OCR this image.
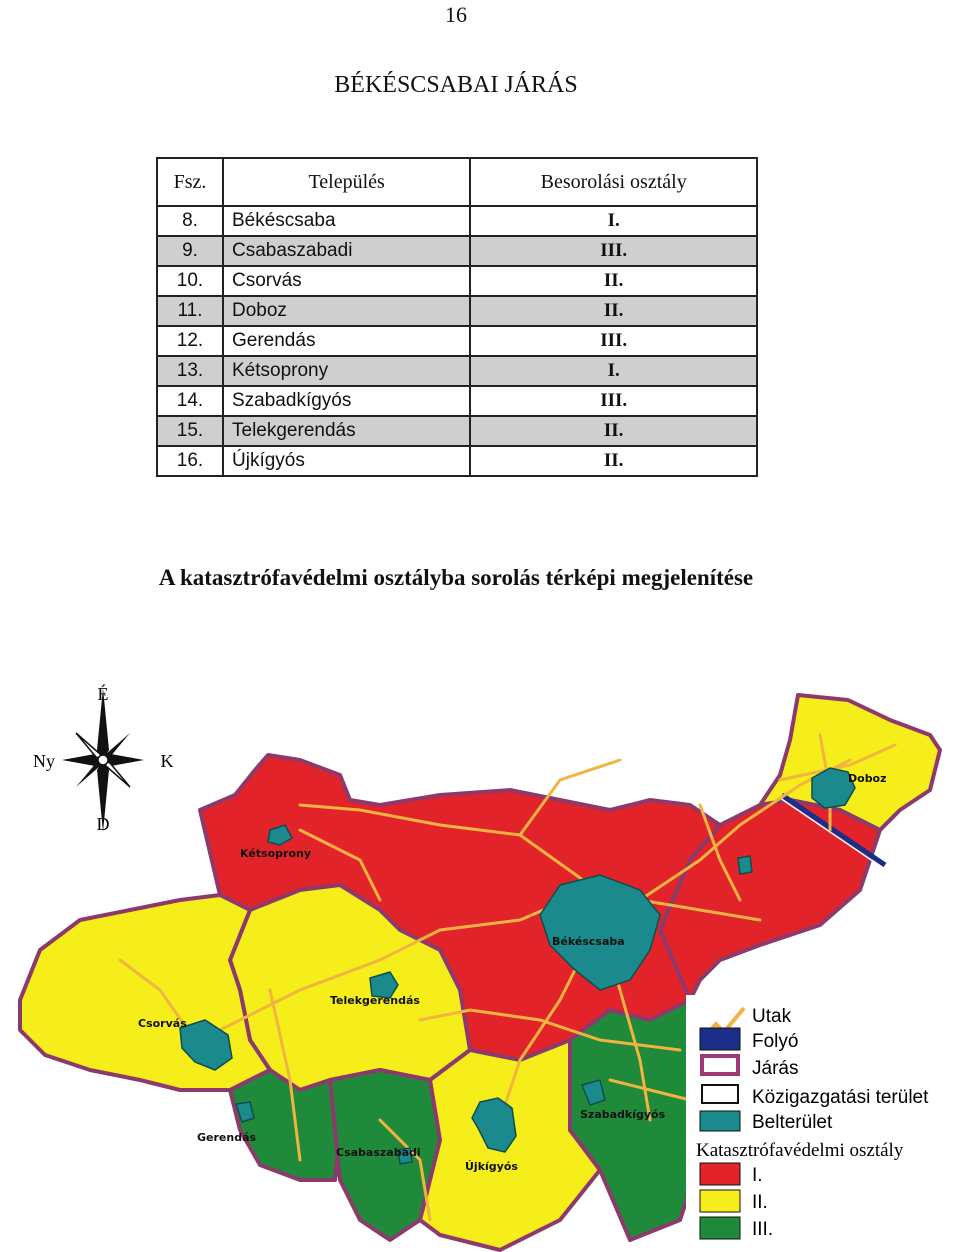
16
BÉKÉSCSABAI JÁRÁS
Fsz.	Település	Besorolási osztály
8.	Békéscsaba	I.
9.	Csabaszabadi	III.
10.	Csorvás	II.
11.	Doboz	II.
12.	Gerendás	III.
13.	Kétsoprony	I.
14.	Szabadkígyós	III.
15.	Telekgerendás	II.
16.	Újkígyós	II.
A katasztrófavédelmi osztályba sorolás térképi megjelenítése
É
D
Ny	K
Doboz
Kétsoprony
Békéscsaba
Telekgerendás
Csorvás
Gerendás
Csabaszabadi
Újkígyós
Szabadkígyós
Utak
Folyó
Járás
Közigazgatási terület
Belterület
Katasztrófavédelmi osztály
I.
II.
III.
